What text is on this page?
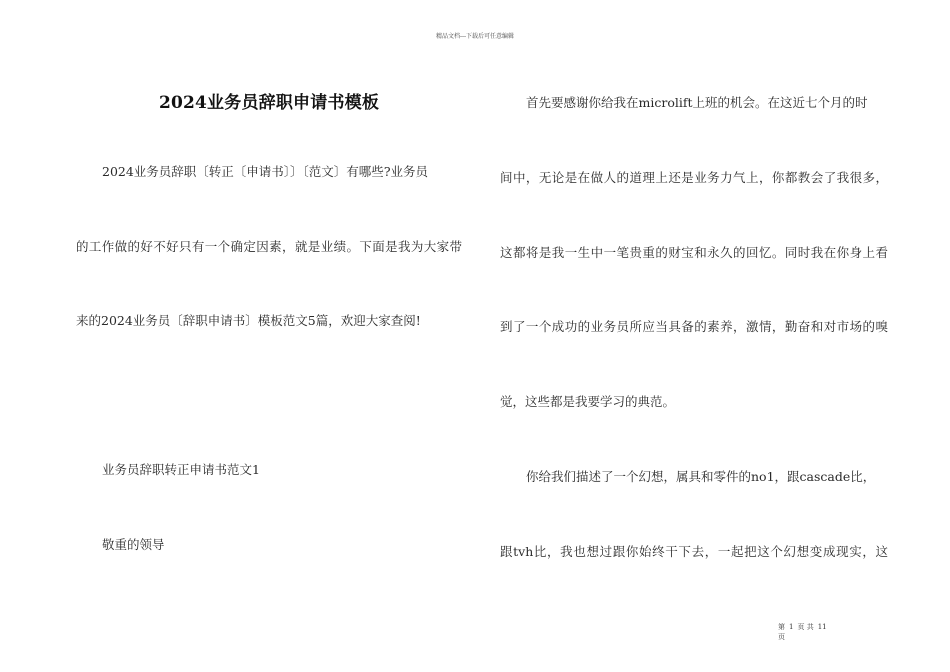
精品文档---下载后可任意编辑
2024业务员辞职申请书模板
2024业务员辞职〔转正〔申请书〕〕〔范文〕有哪些?业务员
的工作做的好不好只有一个确定因素，就是业绩。下面是我为大家带
来的2024业务员〔辞职申请书〕模板范文5篇，欢迎大家查阅!
业务员辞职转正申请书范文1
敬重的领导
首先要感谢你给我在microlift上班的机会。在这近七个月的时
间中，无论是在做人的道理上还是业务力气上，你都教会了我很多，
这都将是我一生中一笔贵重的财宝和永久的回忆。同时我在你身上看
到了一个成功的业务员所应当具备的素养，激情，勤奋和对市场的嗅
觉，这些都是我要学习的典范。
你给我们描述了一个幻想，属具和零件的no1，跟cascade比，
跟tvh比，我也想过跟你始终干下去，一起把这个幻想变成现实，这
第 1 页 共 11
页
